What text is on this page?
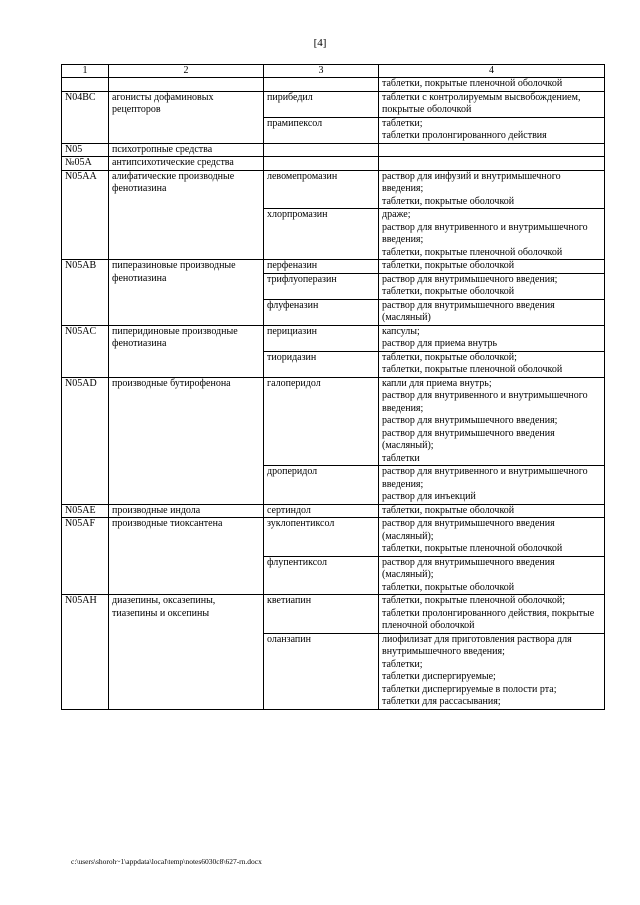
[4]
1	2	3	4
			таблетки, покрытые пленочной оболочкой
N04BC	агонисты дофаминовых рецепторов	пирибедил	таблетки с контролируемым высвобождением, покрытые оболочкой
		прамипексол	таблетки;
таблетки пролонгированного действия
N05	психотропные средства		
№05A	антипсихотические средства		
N05AA	алифатические производные фенотиазина	левомепромазин	раствор для инфузий и внутримышечного введения;
таблетки, покрытые оболочкой
		хлорпромазин	драже;
раствор для внутривенного и внутримышечного введения;
таблетки, покрытые пленочной оболочкой
N05AB	пиперазиновые производные фенотиазина	перфеназин	таблетки, покрытые оболочкой
		трифлуоперазин	раствор для внутримышечного введения;
таблетки, покрытые оболочкой
		флуфеназин	раствор для внутримышечного введения (масляный)
N05AC	пиперидиновые производные фенотиазина	перициазин	капсулы;
раствор для приема внутрь
		тиоридазин	таблетки, покрытые оболочкой;
таблетки, покрытые пленочной оболочкой
N05AD	производные бутирофенона	галоперидол	капли для приема внутрь;
раствор для внутривенного и внутримышечного введения;
раствор для внутримышечного введения;
раствор для внутримышечного введения (масляный);
таблетки
		дроперидол	раствор для внутривенного и внутримышечного введения;
раствор для инъекций
N05AE	производные индола	сертиндол	таблетки, покрытые оболочкой
N05AF	производные тиоксантена	зуклопентиксол	раствор для внутримышечного введения (масляный);
таблетки, покрытые пленочной оболочкой
		флупентиксол	раствор для внутримышечного введения (масляный);
таблетки, покрытые оболочкой
N05AH	диазепины, оксазепины, тиазепины и оксепины	кветиапин	таблетки, покрытые пленочной оболочкой;
таблетки пролонгированного действия, покрытые пленочной оболочкой
		оланзапин	лиофилизат для приготовления раствора для внутримышечного введения;
таблетки;
таблетки диспергируемые;
таблетки диспергируемые в полости рта;
таблетки для рассасывания;
c:\users\shoroh~1\appdata\local\temp\notes6030c8\627-rn.docx
